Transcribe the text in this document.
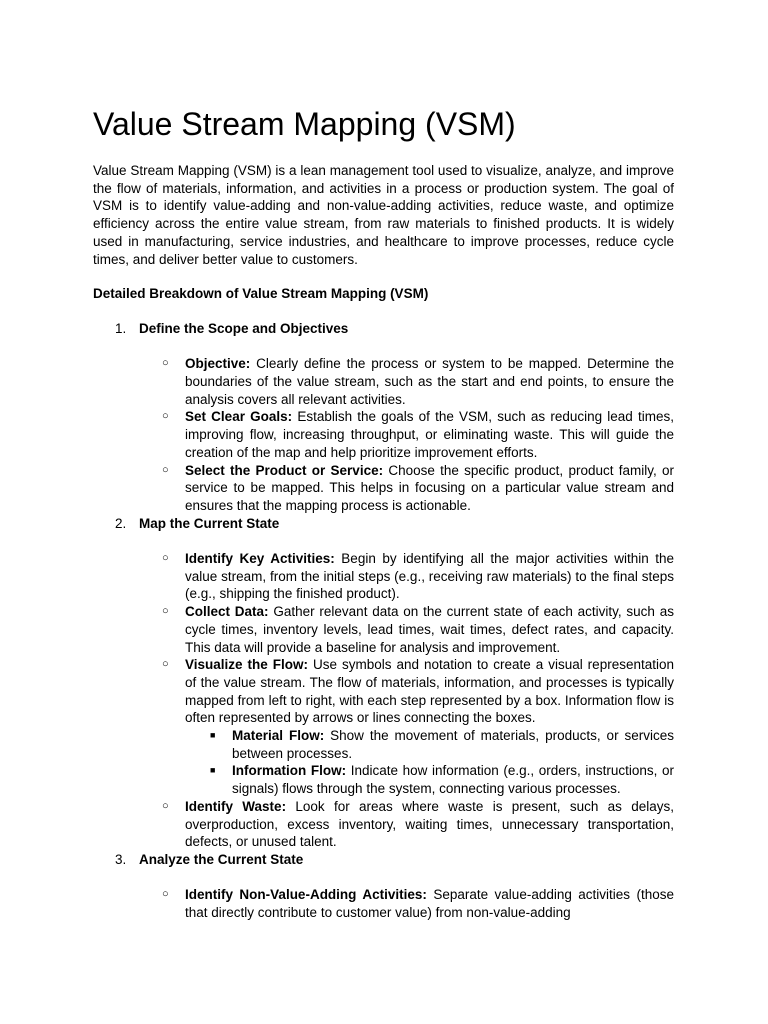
Value Stream Mapping (VSM)

Value Stream Mapping (VSM) is a lean management tool used to visualize, analyze, and improve the flow of materials, information, and activities in a process or production system. The goal of VSM is to identify value-adding and non-value-adding activities, reduce waste, and optimize efficiency across the entire value stream, from raw materials to finished products. It is widely used in manufacturing, service industries, and healthcare to improve processes, reduce cycle times, and deliver better value to customers.

Detailed Breakdown of Value Stream Mapping (VSM)

1. Define the Scope and Objectives
○ Objective: Clearly define the process or system to be mapped. Determine the boundaries of the value stream, such as the start and end points, to ensure the analysis covers all relevant activities.
○ Set Clear Goals: Establish the goals of the VSM, such as reducing lead times, improving flow, increasing throughput, or eliminating waste. This will guide the creation of the map and help prioritize improvement efforts.
○ Select the Product or Service: Choose the specific product, product family, or service to be mapped. This helps in focusing on a particular value stream and ensures that the mapping process is actionable.
2. Map the Current State
○ Identify Key Activities: Begin by identifying all the major activities within the value stream, from the initial steps (e.g., receiving raw materials) to the final steps (e.g., shipping the finished product).
○ Collect Data: Gather relevant data on the current state of each activity, such as cycle times, inventory levels, lead times, wait times, defect rates, and capacity. This data will provide a baseline for analysis and improvement.
○ Visualize the Flow: Use symbols and notation to create a visual representation of the value stream. The flow of materials, information, and processes is typically mapped from left to right, with each step represented by a box. Information flow is often represented by arrows or lines connecting the boxes.
■ Material Flow: Show the movement of materials, products, or services between processes.
■ Information Flow: Indicate how information (e.g., orders, instructions, or signals) flows through the system, connecting various processes.
○ Identify Waste: Look for areas where waste is present, such as delays, overproduction, excess inventory, waiting times, unnecessary transportation, defects, or unused talent.
3. Analyze the Current State
○ Identify Non-Value-Adding Activities: Separate value-adding activities (those that directly contribute to customer value) from non-value-adding
